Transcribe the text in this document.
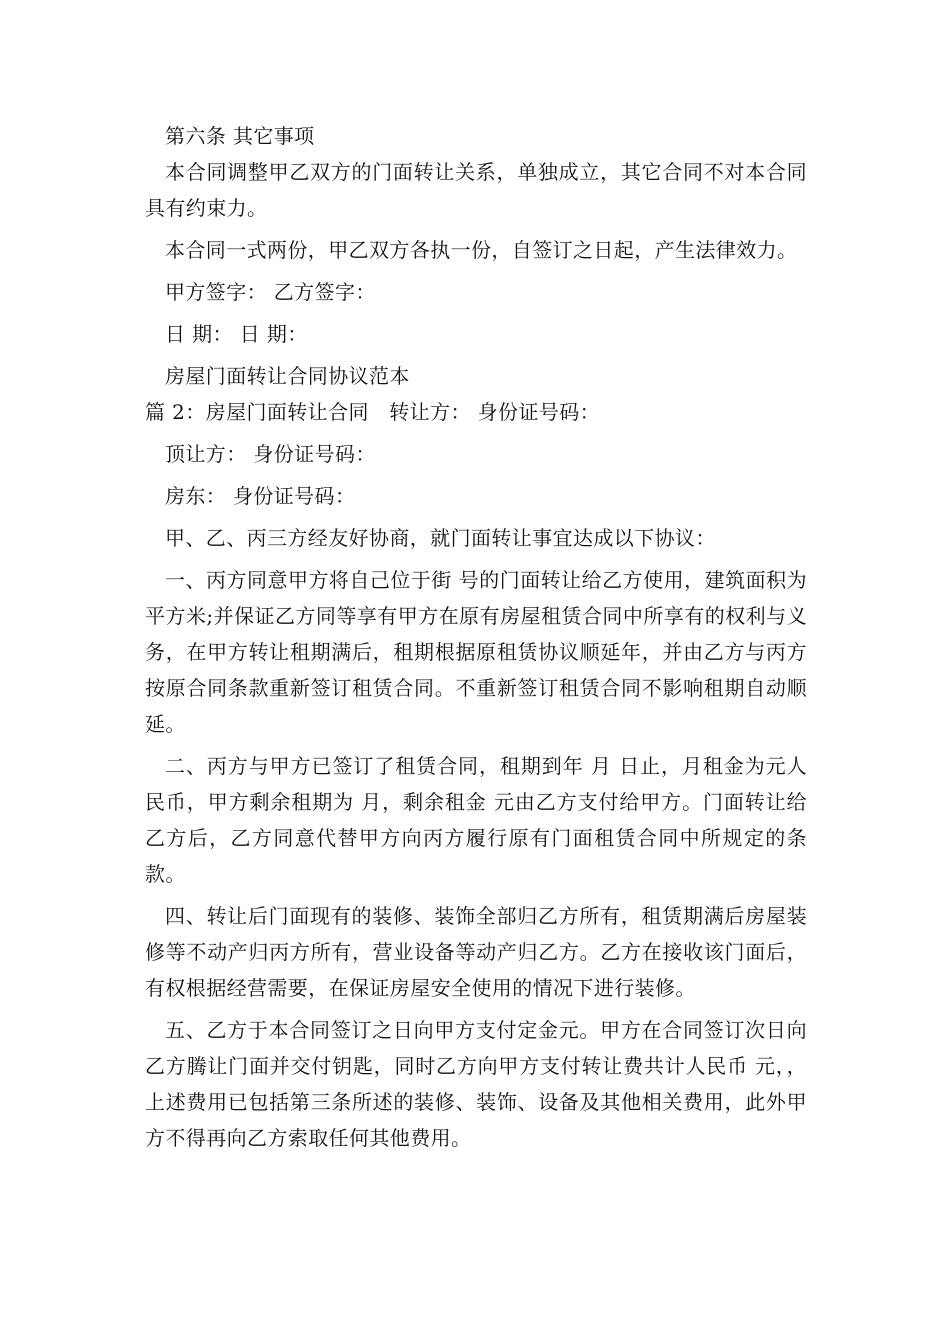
第六条 其它事项

本合同调整甲乙双方的门面转让关系，单独成立，其它合同不对本合同具有约束力。

本合同一式两份，甲乙双方各执一份，自签订之日起，产生法律效力。

甲方签字： 乙方签字：

日 期： 日 期：

房屋门面转让合同协议范本

篇 2：房屋门面转让合同　转让方： 身份证号码：

顶让方： 身份证号码：

房东： 身份证号码：

甲、乙、丙三方经友好协商，就门面转让事宜达成以下协议：

一、丙方同意甲方将自己位于街 号的门面转让给乙方使用，建筑面积为平方米;并保证乙方同等享有甲方在原有房屋租赁合同中所享有的权利与义务，在甲方转让租期满后，租期根据原租赁协议顺延年，并由乙方与丙方按原合同条款重新签订租赁合同。不重新签订租赁合同不影响租期自动顺延。

二、丙方与甲方已签订了租赁合同，租期到年 月 日止，月租金为元人民币，甲方剩余租期为 月，剩余租金 元由乙方支付给甲方。门面转让给乙方后，乙方同意代替甲方向丙方履行原有门面租赁合同中所规定的条款。

四、转让后门面现有的装修、装饰全部归乙方所有，租赁期满后房屋装修等不动产归丙方所有，营业设备等动产归乙方。乙方在接收该门面后，有权根据经营需要，在保证房屋安全使用的情况下进行装修。

五、乙方于本合同签订之日向甲方支付定金元。甲方在合同签订次日向乙方腾让门面并交付钥匙，同时乙方向甲方支付转让费共计人民币 元，，上述费用已包括第三条所述的装修、装饰、设备及其他相关费用，此外甲方不得再向乙方索取任何其他费用。
